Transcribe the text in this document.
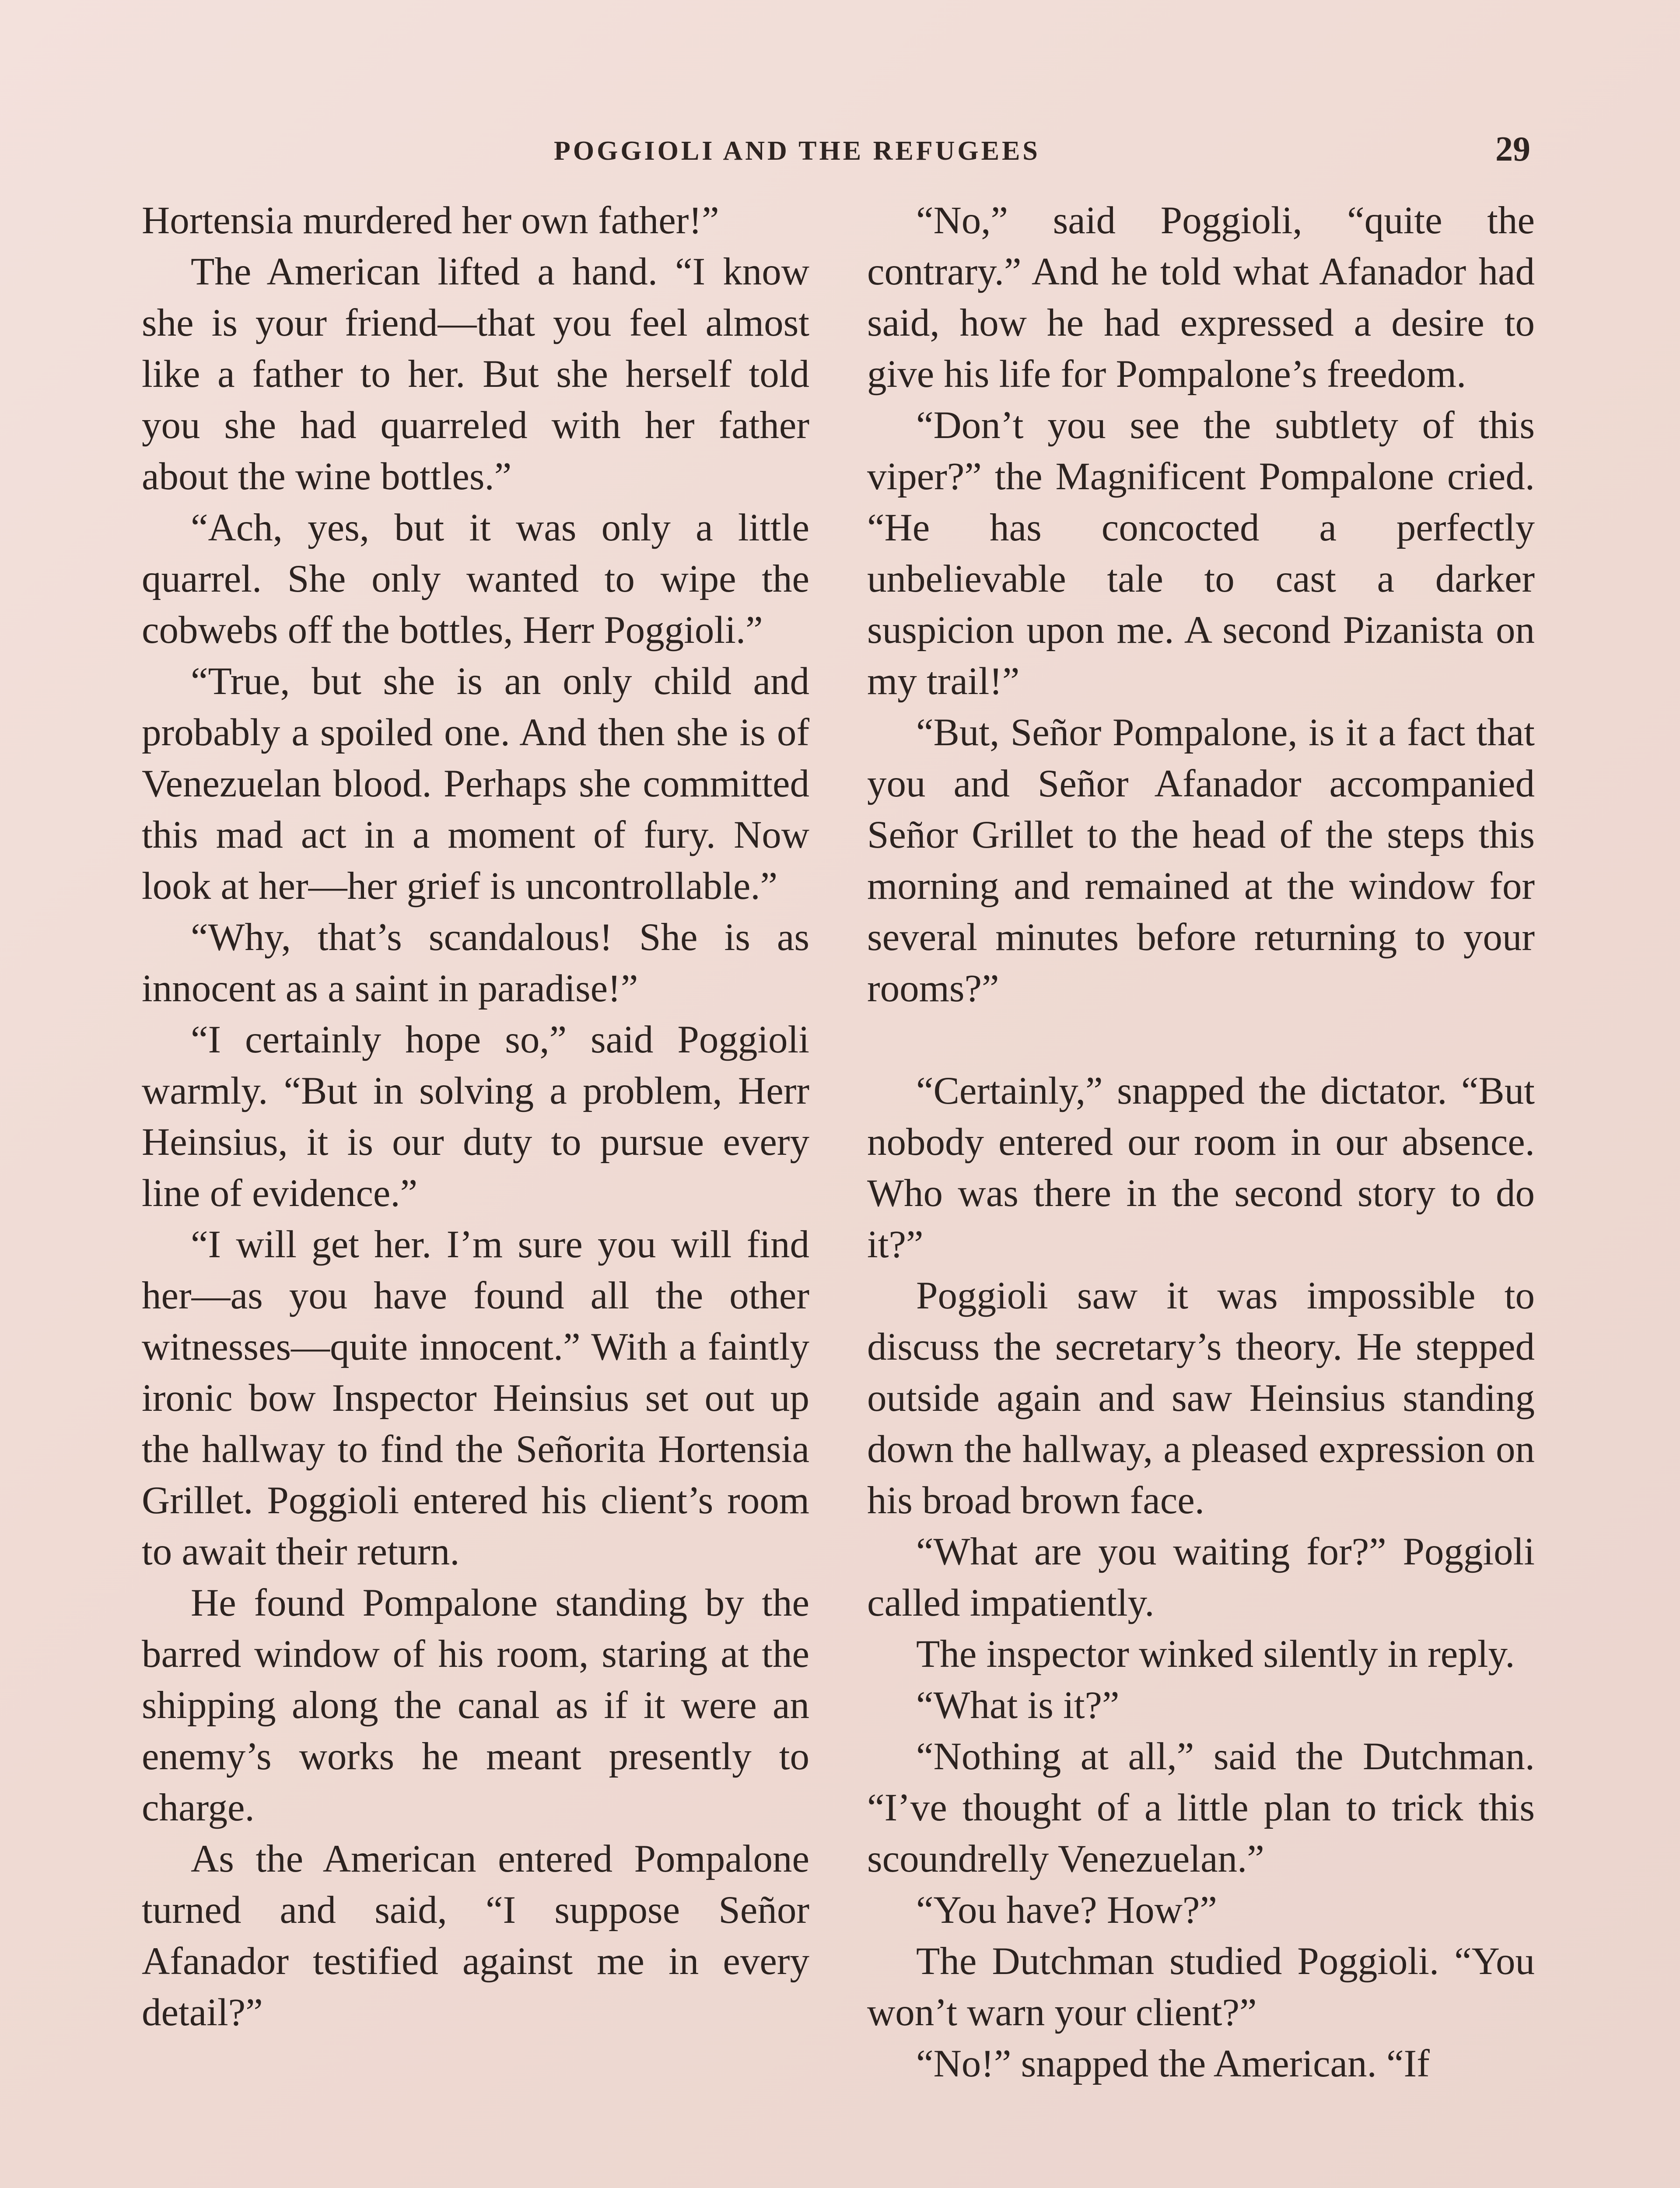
POGGIOLI AND THE REFUGEES	29

Hortensia murdered her own father!”

The American lifted a hand. “I know she is your friend—that you feel almost like a father to her. But she herself told you she had quarreled with her father about the wine bottles.”

“Ach, yes, but it was only a little quarrel. She only wanted to wipe the cobwebs off the bottles, Herr Poggioli.”

“True, but she is an only child and probably a spoiled one. And then she is of Venezuelan blood. Perhaps she committed this mad act in a moment of fury. Now look at her—her grief is uncontrollable.”

“Why, that’s scandalous! She is as innocent as a saint in paradise!”

“I certainly hope so,” said Poggioli warmly. “But in solving a problem, Herr Heinsius, it is our duty to pursue every line of evidence.”

“I will get her. I’m sure you will find her—as you have found all the other witnesses—quite innocent.” With a faintly ironic bow Inspector Heinsius set out up the hallway to find the Señorita Hortensia Grillet. Poggioli entered his client’s room to await their return.

He found Pompalone standing by the barred window of his room, staring at the shipping along the canal as if it were an enemy’s works he meant presently to charge.

As the American entered Pompalone turned and said, “I suppose Señor Afanador testified against me in every detail?”

“No,” said Poggioli, “quite the contrary.” And he told what Afanador had said, how he had expressed a desire to give his life for Pompalone’s freedom.

“Don’t you see the subtlety of this viper?” the Magnificent Pompalone cried. “He has concocted a perfectly unbelievable tale to cast a darker suspicion upon me. A second Pizanista on my trail!”

“But, Señor Pompalone, is it a fact that you and Señor Afanador accompanied Señor Grillet to the head of the steps this morning and remained at the window for several minutes before returning to your rooms?”

“Certainly,” snapped the dictator. “But nobody entered our room in our absence. Who was there in the second story to do it?”

Poggioli saw it was impossible to discuss the secretary’s theory. He stepped outside again and saw Heinsius standing down the hallway, a pleased expression on his broad brown face.

“What are you waiting for?” Poggioli called impatiently.

The inspector winked silently in reply.

“What is it?”

“Nothing at all,” said the Dutchman. “I’ve thought of a little plan to trick this scoundrelly Venezuelan.”

“You have? How?”

The Dutchman studied Poggioli. “You won’t warn your client?”

“No!” snapped the American. “If
